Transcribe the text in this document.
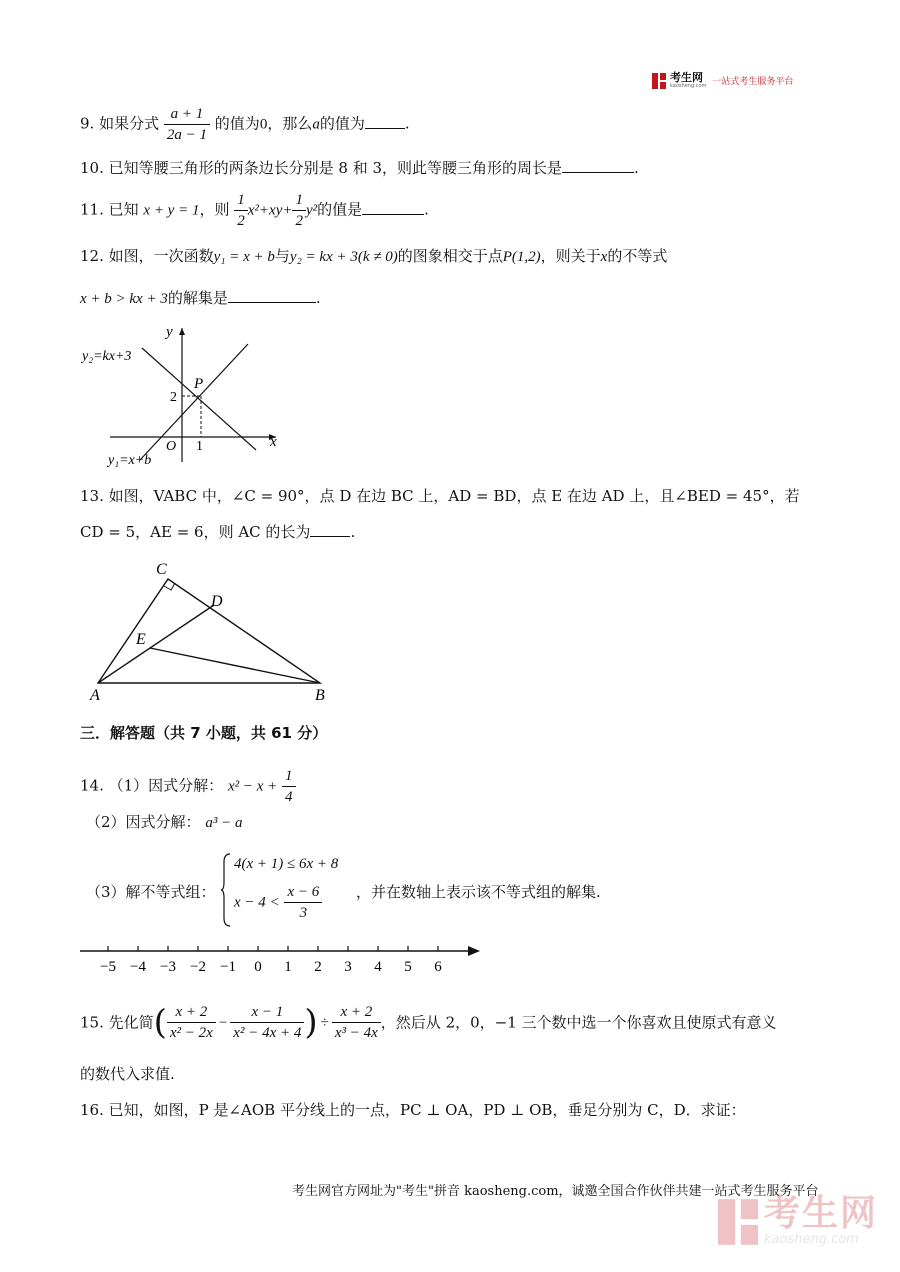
考生网
kaosheng.com 一站式考生服务平台
9. 如果分式 $\frac{a + 1}{2a - 1}$ 的值为0，那么a的值为	.
10. 已知等腰三角形的两条边长分别是 8 和 3，则此等腰三角形的周长是	.
11. 已知 x + y = 1，则 $\frac{1}{2} x^2+xy+ \frac{1}{2} y^2$的值是	.
12. 如图，一次函数y₁ = x + b与y₂ = kx + 3(k ≠ 0)的图象相交于点P(1,2)，则关于x的不等式
x + b > kx + 3的解集是	.
y
x
O
P
2
1
y₂=kx+3
y₁=x+b
13. 如图，VABC 中，∠C = 90°，点 D 在边 BC 上，AD = BD，点 E 在边 AD 上，且∠BED = 45°，若
CD = 5，AE = 6，则 AC 的长为	.
A	B
C
D
E
三．解答题（共 7 小题，共 61 分）
14. （1）因式分解： $x^2 - x + \frac{1}{4}$
（2）因式分解： a³ − a
（3）解不等式组：
4(x + 1) ≤ 6x + 8
$x - 4 < \frac{x - 6}{3}$ ，并在数轴上表示该不等式组的解集.
−5 −4 −3 −2 −1 0 1 2 3 4 5 6
15. 先化简( $\frac{x + 2}{\text{x² − 2x}} - \frac{x - 1}{\text{x² − 4x + 4}}$ ) ÷ $\frac{x + 2}{\text{x³ − 4x}}$ ，然后从 2，0，−1 三个数中选一个你喜欢且使原式有意义
的数代入求值.
16. 已知，如图，P 是∠AOB 平分线上的一点，PC ⊥ OA，PD ⊥ OB，垂足分别为 C，D．求证：
考生网官方网址为"考生"拼音 kaosheng.com，诚邀全国合作伙伴共建一站式考生服务平台
考生网
kaosheng.com
